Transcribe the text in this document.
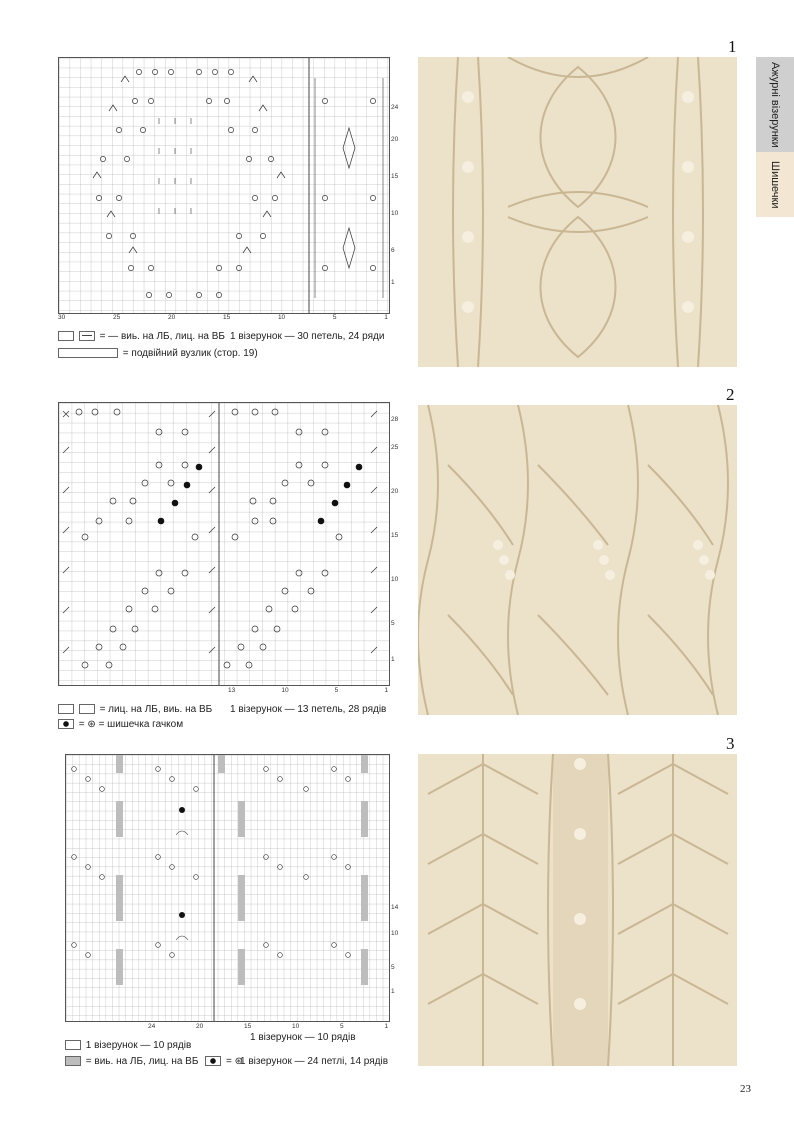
Ажурні візерунки
Шишечки
1
2
3
24
20
15
10
6
1
30	25	20	15	10	5	1
= — виь. на ЛБ, лиц. на ВБ 1 візерунок — 30 петель, 24 ряди
= подвійний вузлик (стор. 19)
28
25
20
15
10
5
1
13	10	5	1
= лиц. на ЛБ, виь. на ВБ 1 візерунок — 13 петель, 28 рядів
= ⊛ = шишечка гачком
14
10
5
1
24	20	15	10	5	1
1 візерунок — 10 рядів
1 візерунок — 10 рядів
= виь. на ЛБ, лиц. на ВБ	= ⊛
1 візерунок — 24 петлі, 14 рядів
23
